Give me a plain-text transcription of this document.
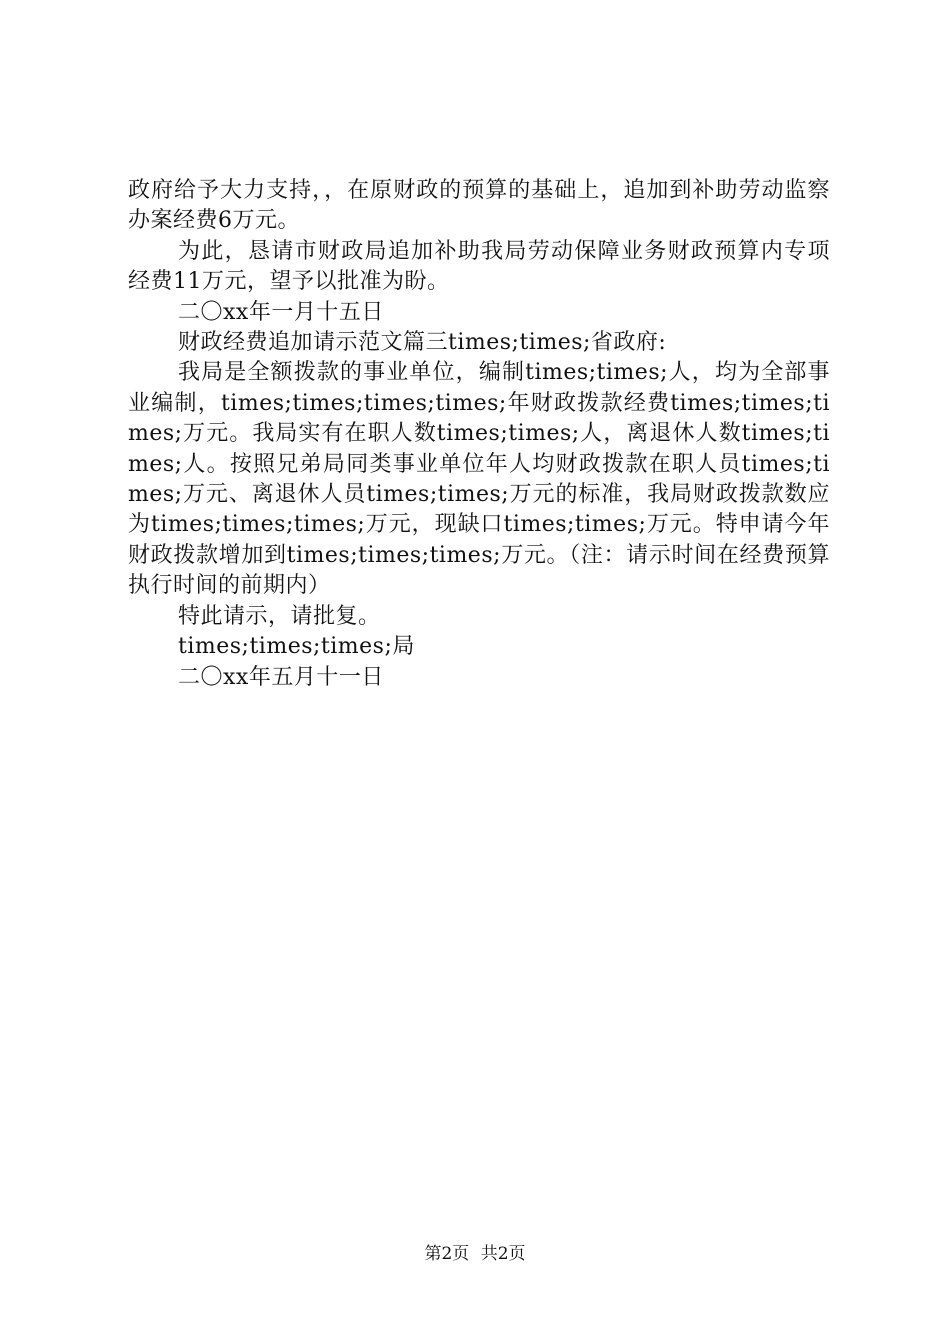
政府给予大力支持，，在原财政的预算的基础上，追加到补助劳动监察办案经费6万元。

为此，恳请市财政局追加补助我局劳动保障业务财政预算内专项经费11万元，望予以批准为盼。

二〇xx年一月十五日

财政经费追加请示范文篇三times;times;省政府:

我局是全额拨款的事业单位，编制times;times;人，均为全部事业编制，times;times;times;times;年财政拨款经费times;times;times;万元。我局实有在职人数times;times;人，离退休人数times;times;人。按照兄弟局同类事业单位年人均财政拨款在职人员times;times;万元、离退休人员times;times;万元的标准，我局财政拨款数应为times;times;times;万元，现缺口times;times;万元。特申请今年财政拨款增加到times;times;times;万元。（注：请示时间在经费预算执行时间的前期内）

特此请示，请批复。

times;times;times;局

二〇xx年五月十一日

第2页 共2页
